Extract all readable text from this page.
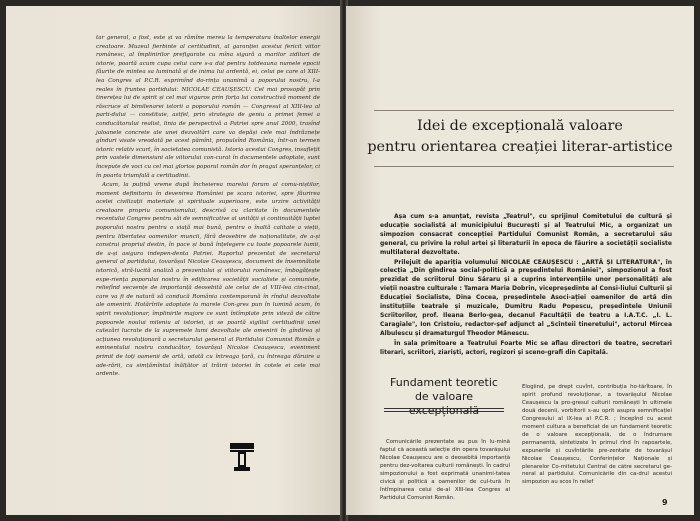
tar general, a fost, este și va rămîne mereu la temperatura înaltelor energii creatoare. Muzeul fierbinte al certitudinii, al garanției acestui fericit viitor românesc, al împlinirilor prefigurate cu mîna sigură a marilor ziditori de istorie, poartă acum cupa celui care s-a dat pentru totdeauna numele epocii făurite de mintea sa luminată și de inima lui ardentă, ei, celui pe care al XIII-lea Congres al P.C.R. exprimînd do-rința unanimă a poporului nostru, l-a reales în fruntea partidului: NICOLAE CEAUȘESCU. Cel mai prosopăt prin tinerețea lui de spirit și cel mai viguros prin forța lui constructivă moment de răscruce al bimilenarei istorii a poporului român — Congresul al XIII-lea al parti-dului — constituie, astfel, prin strategia de geniu a primei femei a conducătorului realist, linia de perspectivă a Patriei spre anul 2000, trasînd jaloanele concrete ale unei dezvoltări care va depăși cele mai îndrăznețe gînduri visate vreodată pe acest pămînt, propulsînd România, într-un termen istoric relativ scurt, în societatea comunistă. Istoria acestui Congres, insuflețit prin vastele dimensiuni ale viitorului con-curat în documentele adoptate, sunt începute de voci cu cel mai glorios poporul român dor în pragul speranțelor, ci în poarta triumfală a certitudinii.

Acum, la puțină vreme după încheierea marelui forum al comu-niștilor, moment definitoriu în devenirea României pe scara istoriei, spre făurirea acelei civilizații materiale și spirituale superioare, este urzire activității creatoare propriu comunismului, descrisă cu claritate în documentele recentului Congres pentru săi de semnificative al unității și continuității luptei poporului nostru pentru o viață mai bună, pentru o înaltă calitate a vieții, pentru libertatea oamenilor muncii, fără deosebire de naționalitate, de a-și construi propriul destin, în pace și bună înțelegere cu toate popoarele lumii, de a-și asigura indepen-denta Patriei. Raportul prezentat de secretarul general al partidului, tovarășul Nicolae Ceaușescu, document de însemnătate istorică, stră-lucită analiză a prezentului și viitorului românesc, îmbogățește expe-riența poporului nostru în edificarea societății socialiste și comuniste, reliefînd secvențe de importanță deosebită ale celui de al VIII-lea cin-cinal, care va fi de natură să conducă România contemporană în rîndul dezvoltate ale omenirii. Hotărîrile adoptate la marele Con-gres pun în lumină acum, în spirit revoluționar, împlinirile majore ce sunt întîmplate prin viteză de către popoarele noului mileniu al istoriei, și se poartă sigiliul certitudinii unei cutezări lucrate de la supremele lumi dezvoltate ale omenirii în gîndirea și acțiunea revoluționară a secretarului general al Partidului Comunist Român a eminentului nostru conducător, tovarășul Nicolae Ceaușescu, eveniment primit de toți oamenii de artă, odată cu întreaga țară, cu întreaga dăruire a ade-rării, cu simțămîntul înălțător al trăirii istoriei în cotele ei cele mai ardente.

Idei de excepțională valoare
pentru orientarea creației literar-artistice

Așa cum s-a anunțat, revista „Teatrul", cu sprijinul Comitetului de cultură și educație socialistă al municipiului București și al Teatrului Mic, a organizat un simpozion consacrat concepției Partidului Comunist Român, a secretarului său general, cu privire la rolul artei și literaturii în epoca de făurire a societății socialiste multilateral dezvoltate.

Prilejuit de apariția volumului NICOLAE CEAUȘESCU : „ARTĂ ȘI LITERATURA", în colecția „Din gîndirea social-politică a președintelui României", simpozionul a fost prezidat de scriitorul Dinu Săraru și a cuprins intervențiile unor personalități ale vieții noastre culturale : Tamara Maria Dobrin, vicepreședinte al Consi-liului Culturii și Educației Socialiste, Dina Cocea, președintele Asoci-ației oamenilor de artă din instituțiile teatrale și muzicale, Dumitru Radu Popescu, președintele Uniunii Scriitorilor, prof. Ileana Berlo-gea, decanul Facultății de teatru a I.A.T.C. „I. L. Caragiale", Ion Cristoiu, redactor-șef adjunct al „Scînteii tineretului", actorul Mircea Albulescu și dramaturgul Theodor Mănescu.

În sala primitoare a Teatrului Foarte Mic se aflau directori de teatre, secretari literari, scriitori, ziariști, actori, regizori și sceno-grafi din Capitală.

Fundament teoretic
de valoare

Comunicările prezentate au pus în lu-mină faptul că această selecție din opera tovarășului Nicolae Ceaușescu are o deosebită importanță pentru dez-voltarea culturii românești. În cadrul simpozionului a fost exprimată unanimi-tatea civică și politică a oamenilor de cul-tură în întîmpinarea celui de-al XIII-lea Congres al Partidului Comunist Român.

Elogiind, pe drept cuvînt, contribuția ho-tărîtoare, în spirit profund revoluționar, a tovarășului Nicolae Ceaușescu la pro-gresul culturii românești în ultimele două decenii, vorbitorii s-au oprit asupra semnificației Congresului al IX-lea al P.C.R. ; începînd cu acest moment cultura a beneficiat de un fundament teoretic de o valoare excepțională, de o îndrumare permanentă, sintetizate în primul rînd în rapoartele, expunerile și cuvîntările pre-zentate de tovarășul Nicolae Ceaușescu, Conferințelor Naționale și plenarelor Co-mitetului Central de către secretarul ge-neral al partidului. Comunicările din ca-drul acestui simpozion au scos în relief

9
